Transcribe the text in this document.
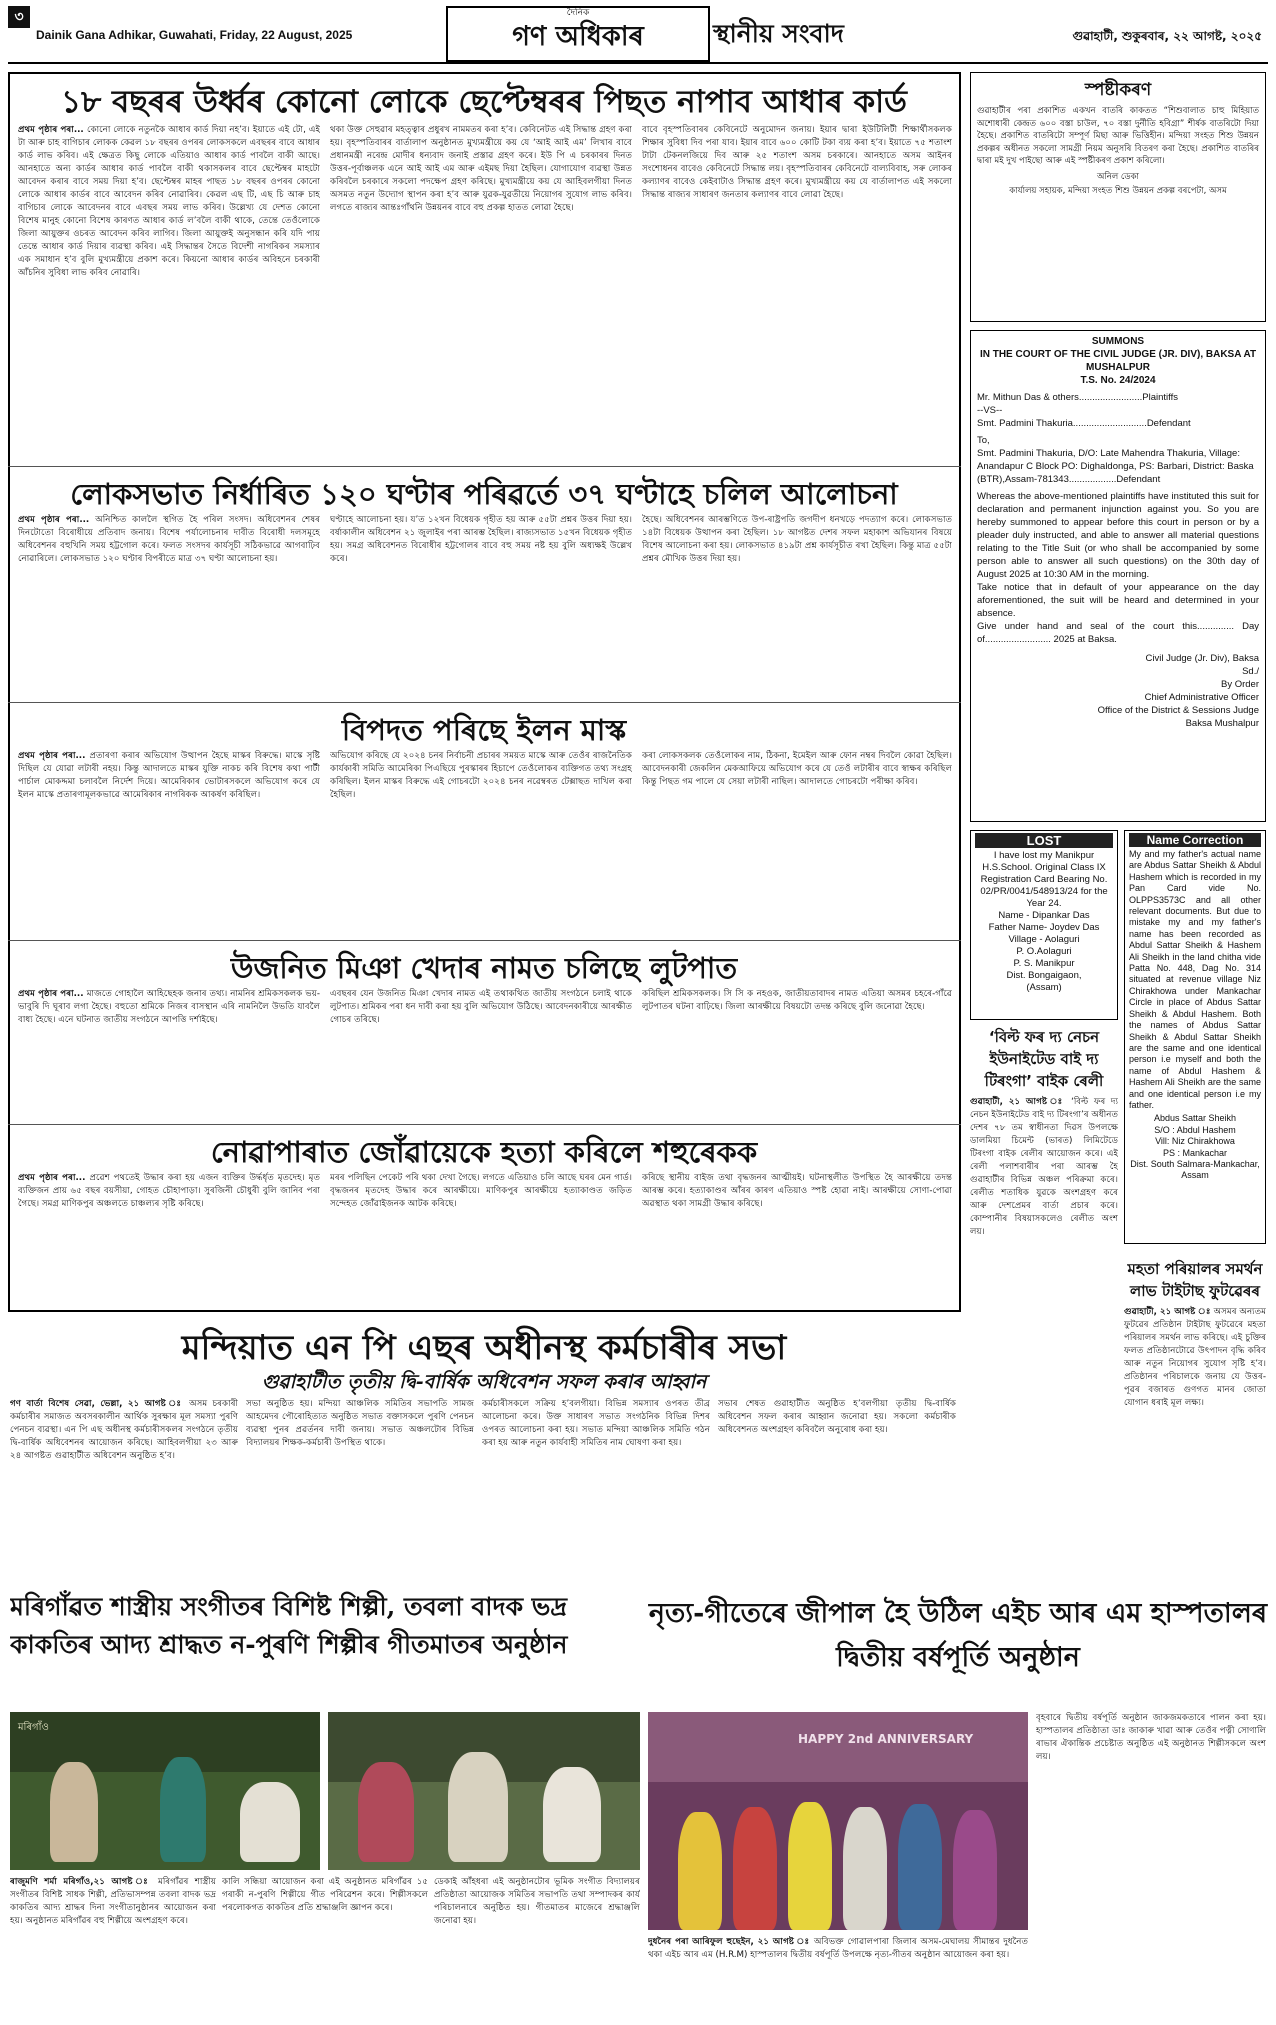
৩
Dainik Gana Adhikar, Guwahati, Friday, 22 August, 2025
দৈনিক
গণ অধিকাৰ	স্থানীয় সংবাদ	গুৱাহাটী, শুকুৰবাৰ, ২২ আগষ্ট, ২০২৫
১৮ বছৰৰ উৰ্ধ্বৰ কোনো লোকে ছেপ্টেম্বৰৰ পিছত নাপাব আধাৰ কাৰ্ড
প্ৰথম পৃষ্ঠাৰ পৰা... কোনো লোকে নতুনকৈ আধাৰ কাৰ্ড দিয়া নহ’ব। ইয়াতে এই টো, এই টা আৰু চাহ বাগিচাৰ লোকক কেৱল ১৮ বছৰৰ ওপৰৰ লোকসকলে এবছৰৰ বাবে আধাৰ কাৰ্ড লাভ কৰিব। এই ক্ষেত্ৰত কিছু লোকে এতিয়াও আধাৰ কাৰ্ড পাবলৈ বাকী আছে। আনহাতে অন্য কাৰ্ডৰ আধাৰ কাৰ্ড পাবলৈ বাকী থকাসকলৰ বাবে ছেপ্টেম্বৰ মাহটো আবেদন কৰাৰ বাবে সময় দিয়া হ’ব। ছেপ্টেম্বৰ মাহৰ পাছত ১৮ বছৰৰ ওপৰৰ কোনো লোকে আধাৰ কাৰ্ডৰ বাবে আবেদন কৰিব নোৱাৰিব। কেৱল এছ টি, এছ চি আৰু চাহ বাগিচাৰ লোকে আবেদনৰ বাবে এবছৰ সময় লাভ কৰিব। উল্লেখ্য যে দেশত কোনো বিশেষ মানুহ কোনো বিশেষ কাৰণত আধাৰ কাৰ্ড ল’বলৈ বাকী থাকে, তেন্তে তেওঁলোকে জিলা আয়ুক্তৰ ওচৰত আবেদন কৰিব লাগিব। জিলা আয়ুক্তই অনুসন্ধান কৰি যদি পায় তেন্তে আধাৰ কাৰ্ড দিয়াৰ ব্যৱস্থা কৰিব। এই সিদ্ধান্তৰ সৈতে বিদেশী নাগৰিকৰ সমস্যাৰ এক সমাধান হ’ব বুলি মুখ্যমন্ত্ৰীয়ে প্ৰকাশ কৰে। কিয়নো আধাৰ কাৰ্ডৰ অবিহনে চৰকাৰী আঁচনিৰ সুবিধা লাভ কৰিব নোৱাৰি।
থকা উক্ত সেহুৱাৰ মহত্ত্বাৰ প্ৰধুৰখ নামমতৰ কৰা হ’ব। কেবিনেটত এই সিদ্ধান্ত গ্ৰহণ কৰা হয়। বৃহস্পতিবাৰৰ বাৰ্তালাপ অনুষ্ঠানত মুখ্যমন্ত্ৰীয়ে কয় যে ‘আই আই এম’ লিখাৰ বাবে প্ৰধানমন্ত্ৰী নৰেন্দ্ৰ মোদীৰ ধন্যবাদ জনাই প্ৰস্তাৱ গ্ৰহণ কৰে। ইউ পি এ চৰকাৰৰ দিনত উত্তৰ-পূৰ্বাঞ্চলক এনে আই আই এম আৰু এইমছ দিয়া হৈছিল। যোগাযোগ ব্যৱস্থা উন্নত কৰিবলৈ চৰকাৰে সকলো পদক্ষেপ গ্ৰহণ কৰিছে। মুখ্যমন্ত্ৰীয়ে কয় যে আহিবলগীয়া দিনত অসমত নতুন উদ্যোগ স্থাপন কৰা হ’ব আৰু যুৱক-যুৱতীয়ে নিয়োগৰ সুযোগ লাভ কৰিব। লগতে ৰাজ্যৰ আন্তঃগাঁথনি উন্নয়নৰ বাবে বহু প্ৰকল্প হাতত লোৱা হৈছে।
বাবে বৃহস্পতিবাৰৰ কেবিনেটে অনুমোদন জনায়। ইয়াৰ দ্বাৰা ইউটিলিটী শিক্ষাৰ্থীসকলক শিক্ষাৰ সুবিধা দিব পৰা যাব। ইয়াৰ বাবে ৬০০ কোটি টকা ব্যয় কৰা হ’ব। ইয়াতে ৭৫ শতাংশ টাটা টেকনলজিয়ে দিব আৰু ২৫ শতাংশ অসম চৰকাৰে। আনহাতে অসম আইনৰ সংশোধনৰ বাবেও কেবিনেটে সিদ্ধান্ত লয়। বৃহস্পতিবাৰৰ কেবিনেটে বাল্যবিবাহ, সৰু লোকৰ কল্যাণৰ বাবেও কেইবাটাও সিদ্ধান্ত গ্ৰহণ কৰে। মুখ্যমন্ত্ৰীয়ে কয় যে বাৰ্তালাপত এই সকলো সিদ্ধান্ত ৰাজ্যৰ সাধাৰণ জনতাৰ কল্যাণৰ বাবে লোৱা হৈছে।
লোকসভাত নিৰ্ধাৰিত ১২০ ঘণ্টাৰ পৰিৱৰ্তে ৩৭ ঘণ্টাহে চলিল আলোচনা
প্ৰথম পৃষ্ঠাৰ পৰা... অনিশ্চিত কাললৈ স্থগিত হৈ পৰিল সংসদ। অধিবেশনৰ শেষৰ দিনটোতো বিৰোধীয়ে প্ৰতিবাদ জনায়। বিশেষ পৰ্যালোচনাৰ দাবীত বিৰোধী দলসমূহে অধিবেশনৰ বহুখিনি সময় হট্টগোল কৰে। ফলত সংসদৰ কাৰ্যসূচী সঠিকভাৱে আগবাঢ়িব নোৱাৰিলে। লোকসভাত ১২০ ঘণ্টাৰ বিপৰীতে মাত্ৰ ৩৭ ঘণ্টা আলোচনা হয়।
ঘণ্টাহে আলোচনা হয়। য’ত ১২খন বিধেয়ক গৃহীত হয় আৰু ৫৫টা প্ৰশ্নৰ উত্তৰ দিয়া হয়। বৰ্ষাকালীন অধিবেশন ২১ জুলাইৰ পৰা আৰম্ভ হৈছিল। ৰাজ্যসভাত ১৫খন বিধেয়ক গৃহীত হয়। সমগ্ৰ অধিবেশনত বিৰোধীৰ হট্টগোলৰ বাবে বহু সময় নষ্ট হয় বুলি অধ্যক্ষই উল্লেখ কৰে।
হৈছে। অধিবেশনৰ আৰম্ভণিতে উপ-ৰাষ্ট্ৰপতি জগদীপ ধনখড়ে পদত্যাগ কৰে। লোকসভাত ১৪টা বিধেয়ক উত্থাপন কৰা হৈছিল। ১৮ আগষ্টত দেশৰ সফল মহাকাশ অভিযানৰ বিষয়ে বিশেষ আলোচনা কৰা হয়। লোকসভাত ৪১৯টা প্ৰশ্ন কাৰ্যসূচীত ৰখা হৈছিল। কিন্তু মাত্ৰ ৫৫টা প্ৰশ্নৰ মৌখিক উত্তৰ দিয়া হয়।
বিপদত পৰিছে ইলন মাস্ক
প্ৰথম পৃষ্ঠাৰ পৰা... প্ৰতাৰণা কৰাৰ অভিযোগ উত্থাপন হৈছে মাস্কৰ বিৰুদ্ধে। মাস্কে সৃষ্টি দিছিল যে যোৱা লটাৰী নহয়। কিন্তু আদালতে মাস্কৰ যুক্তি নাকচ কৰি বিশেষ কথা পাৰ্টী পাৰ্চাল মোকদ্দমা চলাবলৈ নিৰ্দেশ দিয়ে। আমেৰিকাৰ ভোটাৰসকলে অভিযোগ কৰে যে ইলন মাস্কে প্ৰতাৰণামূলকভাৱে আমেৰিকাৰ নাগৰিকক আকৰ্ষণ কৰিছিল।
অভিযোগ কৰিছে যে ২০২৪ চনৰ নিৰ্বাচনী প্ৰচাৰৰ সময়ত মাস্কে আৰু তেওঁৰ ৰাজনৈতিক কাৰ্যকাৰী সমিতি আমেৰিকা পিএছিয়ে পুৰস্কাৰৰ হিচাপে তেওঁলোকৰ ব্যক্তিগত তথ্য সংগ্ৰহ কৰিছিল। ইলন মাস্কৰ বিৰুদ্ধে এই গোচৰটো ২০২৪ চনৰ নৱেম্বৰত টেক্সাছত দাখিল কৰা হৈছিল।
কৰা লোকসকলক তেওঁলোকৰ নাম, ঠিকনা, ইমেইল আৰু ফোন নম্বৰ দিবলৈ কোৱা হৈছিল। আবেদনকাৰী জেকলিন মেকআফিয়ে অভিযোগ কৰে যে তেওঁ লটাৰীৰ বাবে স্বাক্ষৰ কৰিছিল কিন্তু পিছত গম পালে যে সেয়া লটাৰী নাছিল। আদালতে গোচৰটো পৰীক্ষা কৰিব।
উজনিত মিঞা খেদাৰ নামত চলিছে লুটপাত
প্ৰথম পৃষ্ঠাৰ পৰা... মাজতে গোহালৈ আহিছেহক জনাৰ তথ্য। নামনিৰ শ্ৰমিকসকলক ভয়-ভাবুৰি দি ঘূৰাব লগা হৈছে। বহুতো শ্ৰমিকে নিজৰ বাসস্থান এৰি নামনিলৈ উভতি যাবলৈ বাধ্য হৈছে। এনে ঘটনাত জাতীয় সংগঠনে আপত্তি দৰ্শাইছে।
এবছৰৰ যেন উজনিত মিঞা খেদাৰ নামত এই তথাকথিত জাতীয় সংগঠনে চলাই থাকে লুটপাত। শ্ৰমিকৰ পৰা ধন দাবী কৰা হয় বুলি অভিযোগ উঠিছে। আবেদনকাৰীয়ে আৰক্ষীত গোচৰ তৰিছে।
কৰিছিল শ্ৰমিকসকলক। সি সি ক নহওক, জাতীয়তাবাদৰ নামত এতিয়া অসমৰ চহৰে-গাঁৱে লুটপাতৰ ঘটনা বাঢ়িছে। জিলা আৰক্ষীয়ে বিষয়টো তদন্ত কৰিছে বুলি জনোৱা হৈছে।
নোৱাপাৰাত জোঁৱায়েকে হত্যা কৰিলে শহুৰেকক
প্ৰথম পৃষ্ঠাৰ পৰা... প্ৰৱেশ পথতেই উদ্ধাৰ কৰা হয় এজন ব্যক্তিৰ উৰ্দ্ধৰ্ধৃত মৃতদেহ। মৃত ব্যক্তিজন প্ৰায় ৬৫ বছৰ বয়সীয়া, গোহত চৌহাপাড়া। সুৰজিনী চৌধুৰী বুলি জানিব পৰা গৈছে। সমগ্ৰ মাণিকপুৰ অঞ্চলতে চাঞ্চল্যৰ সৃষ্টি কৰিছে।
মৰৰ পলিছিন পেকেট পৰি থকা দেখা গৈছে। লগতে এতিয়াও চলি আছে ঘৰৰ মেন গাৰ্ড। বৃদ্ধজনৰ মৃতদেহ উদ্ধাৰ কৰে আৰক্ষীয়ে। মাণিকপুৰ আৰক্ষীয়ে হত্যাকাণ্ডত জড়িত সন্দেহত জোঁৱাইজনক আটক কৰিছে।
কৰিছে স্থানীয় বাইজ তথা বৃদ্ধজনৰ আত্মীয়ই। ঘটনাস্থলীত উপস্থিত হৈ আৰক্ষীয়ে তদন্ত আৰম্ভ কৰে। হত্যাকাণ্ডৰ আঁৰৰ কাৰণ এতিয়াও স্পষ্ট হোৱা নাই। আৰক্ষীয়ে সোণা-পোৱা অৱস্থাত থকা সামগ্ৰী উদ্ধাৰ কৰিছে।
মন্দিয়াত এন পি এছৰ অধীনস্থ কৰ্মচাৰীৰ সভা
গুৱাহাটীত তৃতীয় দ্বি-বাৰ্ষিক অধিবেশন সফল কৰাৰ আহ্বান
গণ বাৰ্তা বিশেষ সেৱা, ভেল্লা, ২১ আগষ্ট ঃ অসম চৰকাৰী কৰ্মচাৰীৰ সমাজত অবসৰকালীন আৰ্থিক সুৰক্ষাৰ মূল সমস্যা পুৰণি পেনচন ব্যৱস্থা। এন পি এছ অধীনস্থ কৰ্মচাৰীসকলৰ সংগঠনে তৃতীয় দ্বি-বাৰ্ষিক অধিবেশনৰ আয়োজন কৰিছে। আহিবলগীয়া ২৩ আৰু ২৪ আগষ্টত গুৱাহাটীত অধিবেশন অনুষ্ঠিত হ’ব।
সভা অনুষ্ঠিত হয়। মন্দিয়া আঞ্চলিক সমিতিৰ সভাপতি সামজ আহমেদৰ পৌৰোহিত্যত অনুষ্ঠিত সভাত বক্তাসকলে পুৰণি পেনচন ব্যৱস্থা পুনৰ প্ৰৱৰ্তনৰ দাবী জনায়। সভাত অঞ্চলটোৰ বিভিন্ন বিদ্যালয়ৰ শিক্ষক-কৰ্মচাৰী উপস্থিত থাকে।
কৰ্মচাৰীসকলে সক্ৰিয় হ’বলগীয়া। বিভিন্ন সমস্যাৰ ওপৰত তীব্ৰ আলোচনা কৰে। উক্ত সাধাৰণ সভাত সংগঠনিক বিভিন্ন দিশৰ ওপৰত আলোচনা কৰা হয়। সভাত মন্দিয়া আঞ্চলিক সমিতি গঠন কৰা হয় আৰু নতুন কাৰ্যবাহী সমিতিৰ নাম ঘোষণা কৰা হয়।
সভাৰ শেষত গুৱাহাটীত অনুষ্ঠিত হ’বলগীয়া তৃতীয় দ্বি-বাৰ্ষিক অধিবেশন সফল কৰাৰ আহ্বান জনোৱা হয়। সকলো কৰ্মচাৰীক অধিবেশনত অংশগ্ৰহণ কৰিবলৈ অনুৰোধ কৰা হয়।
মৰিগাঁৱত শাস্ত্ৰীয় সংগীতৰ বিশিষ্ট শিল্পী, তবলা বাদক ভদ্ৰ কাকতিৰ আদ্য শ্ৰাদ্ধত ন-পুৰণি শিল্পীৰ গীতমাতৰ অনুষ্ঠান
মৰিগাঁও
ৰাজুমণি শৰ্মা মৰিগাঁও,২১ আগষ্ট ঃ মৰিগাঁৱৰ শাস্ত্ৰীয় সংগীতৰ বিশিষ্ট সাধক শিল্পী, প্ৰতিভাসম্পন্ন তবলা বাদক ভদ্ৰ কাকতিৰ আদ্য শ্ৰাদ্ধৰ দিনা সংগীতানুষ্ঠানৰ আয়োজন কৰা হয়। অনুষ্ঠানত মৰিগাঁৱৰ বহু শিল্পীয়ে অংশগ্ৰহণ কৰে।
কালি সন্ধিয়া আয়োজন কৰা এই অনুষ্ঠানত মৰিগাঁৱৰ ১৫ গৰাকী ন-পুৰণি শিল্পীয়ে গীত পৰিৱেশন কৰে। শিল্পীসকলে পৰলোকগত কাকতিৰ প্ৰতি শ্ৰদ্ধাঞ্জলি জ্ঞাপন কৰে।
ডেকাই আঁহধৰা এই অনুষ্ঠানটোৰ ভূমিক সংগীত বিদ্যালয়ৰ প্ৰতিষ্ঠাতা আয়োজক সমিতিৰ সভাপতি তথা সম্পাদকৰ কাৰ্য পৰিচালনাৰে অনুষ্ঠিত হয়। গীতমাতৰ মাজেৰে শ্ৰদ্ধাঞ্জলি জনোৱা হয়।
নৃত্য-গীতেৰে জীপাল হৈ উঠিল এইচ আৰ এম হাস্পতালৰ দ্বিতীয় বৰ্ষপূৰ্তি অনুষ্ঠান
HAPPY 2nd ANNIVERSARY
দুধনৈৰ পৰা আৰিফুল হুছেইন, ২১ আগষ্ট ঃ অবিভক্ত গোৱালপাৰা জিলাৰ অসম-মেঘালয় সীমান্তৰ দুধনৈত থকা এইচ আৰ এম (H.R.M) হাস্পতালৰ দ্বিতীয় বৰ্ষপূৰ্তি উপলক্ষে নৃত্য-গীতৰ অনুষ্ঠান আয়োজন কৰা হয়।
বৃহবাৰে দ্বিতীয় বৰ্ষপূৰ্তি অনুষ্ঠান জাকজমকতাৰে পালন কৰা হয়। হাস্পতালৰ প্ৰতিষ্ঠাতা ডাঃ জাকাৰু খাৱা আৰু তেওঁৰ পত্নী সোণালি ৰাভাৰ ঐকান্তিক প্ৰচেষ্টাত অনুষ্ঠিত এই অনুষ্ঠানত শিল্পীসকলে অংশ লয়।
স্পষ্টীকৰণ
গুৱাহাটীৰ পৰা প্ৰকাশিত একখন বাতৰি কাকতত “শিশুবালাত চাহু মিহিয়াত অশোধাৰী কেন্দ্ৰত ৬০০ বস্তা চাউল, ৭০ বস্তা দুৰ্নীতি হবিগ্ৰা” শীৰ্ষক বাতৰিটো দিয়া হৈছে। প্ৰকাশিত বাতৰিটো সম্পূৰ্ণ মিছা আৰু ভিত্তিহীন। মন্দিয়া সংহত শিশু উন্নয়ন প্ৰকল্পৰ অধীনত সকলো সামগ্ৰী নিয়ম অনুসৰি বিতৰণ কৰা হৈছে। প্ৰকাশিত বাতৰিৰ দ্বাৰা মই দুখ পাইছো আৰু এই স্পষ্টীকৰণ প্ৰকাশ কৰিলো।
অনিল ডেকা
কাৰ্যালয় সহায়ক, মন্দিয়া সংহত শিশু উন্নয়ন প্ৰকল্প বৰপেটা, অসম
SUMMONS
IN THE COURT OF THE CIVIL JUDGE (JR. DIV), BAKSA AT MUSHALPUR
T.S. No. 24/2024
Mr. Mithun Das & others........................Plaintiffs
--VS--
Smt. Padmini Thakuria............................Defendant
To,
Smt. Padmini Thakuria, D/O: Late Mahendra Thakuria, Village: Anandapur C Block PO: Dighaldonga, PS: Barbari, District: Baska (BTR),Assam-781343..................Defendant
Whereas the above-mentioned plaintiffs have instituted this suit for declaration and permanent injunction against you. So you are hereby summoned to appear before this court in person or by a pleader duly instructed, and able to answer all material questions relating to the Title Suit (or who shall be accompanied by some person able to answer all such questions) on the 30th day of August 2025 at 10:30 AM in the morning.
Take notice that in default of your appearance on the day aforementioned, the suit will be heard and determined in your absence.
Give under hand and seal of the court this.............. Day of......................... 2025 at Baksa.
Civil Judge (Jr. Div), Baksa
Sd./
By Order
Chief Administrative Officer
Office of the District & Sessions Judge
Baksa Mushalpur
LOST
I have lost my Manikpur H.S.School. Original Class IX Registration Card Bearing No. 02/PR/0041/548913/24 for the Year 24.
Name - Dipankar Das
Father Name- Joydev Das
Village - Aolaguri
P. O.Aolaguri
P. S. Manikpur
Dist. Bongaigaon,
(Assam)
Name Correction
My and my father's actual name are Abdus Sattar Sheikh & Abdul Hashem which is recorded in my Pan Card vide No. OLPPS3573C and all other relevant documents. But due to mistake my and my father's name has been recorded as Abdul Sattar Sheikh & Hashem Ali Sheikh in the land chitha vide Patta No. 448, Dag No. 314 situated at revenue village Niz Chirakhowa under Mankachar Circle in place of Abdus Sattar Sheikh & Abdul Hashem. Both the names of Abdus Sattar Sheikh & Abdul Sattar Sheikh are the same and one identical person i.e myself and both the name of Abdul Hashem & Hashem Ali Sheikh are the same and one identical person i.e my father.
Abdus Sattar Sheikh
S/O : Abdul Hashem
Vill: Niz Chirakhowa
PS : Mankachar
Dist. South Salmara-Mankachar, Assam
‘বিল্ট ফৰ দ্য নেচন ইউনাইটেড বাই দ্য টিৰংগা’ বাইক ৰেলী
গুৱাহাটী, ২১ আগষ্ট ঃ ‘বিল্ট ফৰ দ্য নেচন ইউনাইটেড বাই দ্য টিৰংগা’ৰ অধীনত দেশৰ ৭৮ তম স্বাধীনতা দিৱস উপলক্ষে ডালমিয়া চিমেন্ট (ভাৰত) লিমিটেডে টিৰংগা বাইক ৰেলীৰ আয়োজন কৰে। এই ৰেলী পলাশবাৰীৰ পৰা আৰম্ভ হৈ গুৱাহাটীৰ বিভিন্ন অঞ্চল পৰিক্ৰমা কৰে। ৰেলীত শতাধিক যুৱকে অংশগ্ৰহণ কৰে আৰু দেশপ্ৰেমৰ বাৰ্তা প্ৰচাৰ কৰে। কোম্পানীৰ বিষয়াসকলেও ৰেলীত অংশ লয়।
মহতা পৰিয়ালৰ সমৰ্থন লাভ টাইটাছ ফুটৱেৰৰ
গুৱাহাটী, ২১ আগষ্ট ঃ অসমৰ অন্যতম ফুটৱেৰ প্ৰতিষ্ঠান টাইটাছ ফুটৱেৰে মহতা পৰিয়ালৰ সমৰ্থন লাভ কৰিছে। এই চুক্তিৰ ফলত প্ৰতিষ্ঠানটোৱে উৎপাদন বৃদ্ধি কৰিব আৰু নতুন নিয়োগৰ সুযোগ সৃষ্টি হ’ব। প্ৰতিষ্ঠানৰ পৰিচালকে জনায় যে উত্তৰ-পূৱৰ বজাৰত গুণগত মানৰ জোতা যোগান ধৰাই মূল লক্ষ্য।
